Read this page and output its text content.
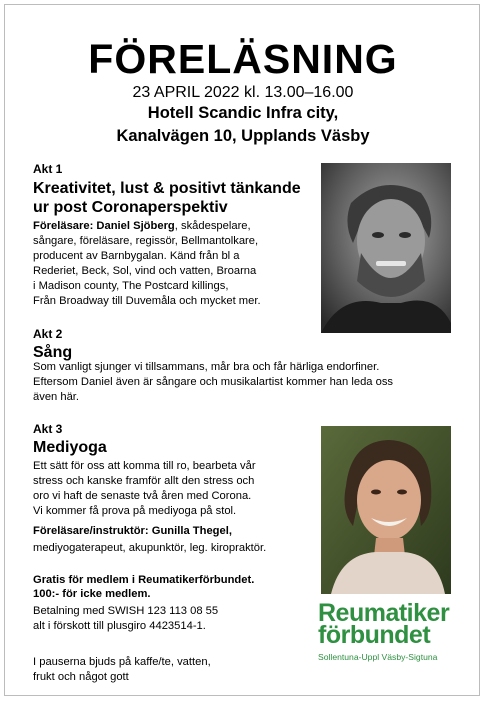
FÖRELÄSNING
23 APRIL 2022 kl. 13.00–16.00
Hotell Scandic Infra city,
Kanalvägen 10, Upplands Väsby
Akt 1
Kreativitet, lust & positivt tänkande
ur post Coronaperspektiv
Föreläsare: Daniel Sjöberg, skådespelare,
sångare, föreläsare, regissör, Bellmantolkare,
producent av Barnbygalan. Känd från bl a
Rederiet, Beck, Sol, vind och vatten, Broarna
i Madison county, The Postcard killings,
Från Broadway till Duvemåla och mycket mer.
Akt 2
Sång
Som vanligt sjunger vi tillsammans, mår bra och får härliga endorfiner.
Eftersom Daniel även är sångare och musikalartist kommer han leda oss
även här.
Akt 3
Mediyoga
Ett sätt för oss att komma till ro, bearbeta vår
stress och kanske framför allt den stress och
oro vi haft de senaste två åren med Corona.
Vi kommer få prova på mediyoga på stol.
Föreläsare/instruktör: Gunilla Thegel,
mediyogaterapeut, akupunktör, leg. kiropraktör.
Gratis för medlem i Reumatikerförbundet.
100:- för icke medlem.
Betalning med SWISH 123 113 08 55
alt i förskott till plusgiro 4423514-1.
I pauserna bjuds på kaffe/te, vatten,
frukt och något gott
Reumatiker
förbundet
Sollentuna-Uppl Väsby-Sigtuna
